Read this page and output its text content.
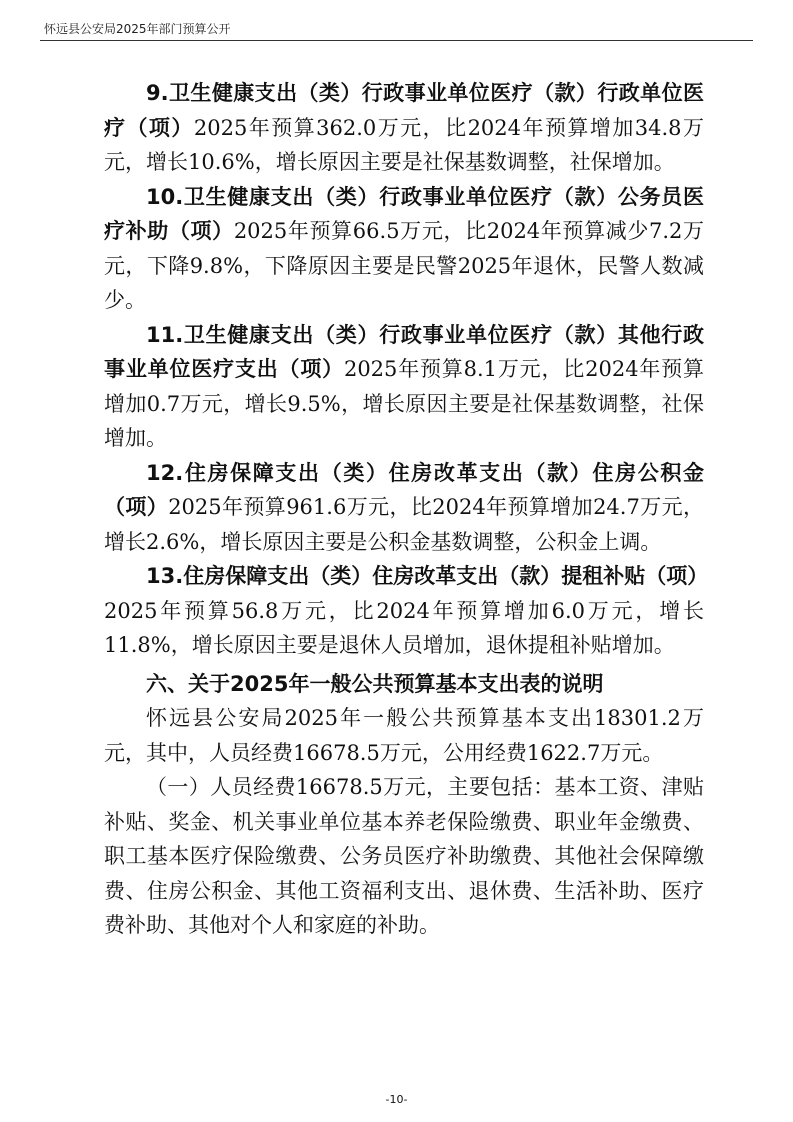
怀远县公安局2025年部门预算公开

9.卫生健康支出（类）行政事业单位医疗（款）行政单位医疗（项）2025年预算362.0万元，比2024年预算增加34.8万元，增长10.6%，增长原因主要是社保基数调整，社保增加。

10.卫生健康支出（类）行政事业单位医疗（款）公务员医疗补助（项）2025年预算66.5万元，比2024年预算减少7.2万元，下降9.8%，下降原因主要是民警2025年退休，民警人数减少。

11.卫生健康支出（类）行政事业单位医疗（款）其他行政事业单位医疗支出（项）2025年预算8.1万元，比2024年预算增加0.7万元，增长9.5%，增长原因主要是社保基数调整，社保增加。

12.住房保障支出（类）住房改革支出（款）住房公积金（项）2025年预算961.6万元，比2024年预算增加24.7万元，增长2.6%，增长原因主要是公积金基数调整，公积金上调。

13.住房保障支出（类）住房改革支出（款）提租补贴（项）2025年预算56.8万元，比2024年预算增加6.0万元，增长11.8%，增长原因主要是退休人员增加，退休提租补贴增加。

六、关于2025年一般公共预算基本支出表的说明

怀远县公安局2025年一般公共预算基本支出18301.2万元，其中，人员经费16678.5万元，公用经费1622.7万元。

（一）人员经费16678.5万元，主要包括：基本工资、津贴补贴、奖金、机关事业单位基本养老保险缴费、职业年金缴费、职工基本医疗保险缴费、公务员医疗补助缴费、其他社会保障缴费、住房公积金、其他工资福利支出、退休费、生活补助、医疗费补助、其他对个人和家庭的补助。

-10-
